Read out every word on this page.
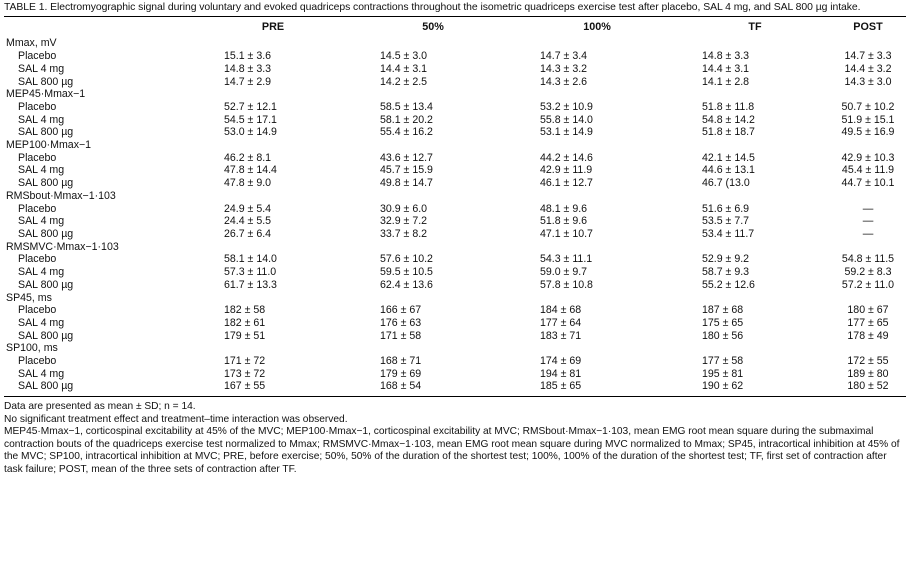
TABLE 1. Electromyographic signal during voluntary and evoked quadriceps contractions throughout the isometric quadriceps exercise test after placebo, SAL 4 mg, and SAL 800 µg intake.
	PRE	50%	100%	TF	POST
Mmax, mV					
Placebo	15.1 ± 3.6	14.5 ± 3.0	14.7 ± 3.4	14.8 ± 3.3	14.7 ± 3.3
SAL 4 mg	14.8 ± 3.3	14.4 ± 3.1	14.3 ± 3.2	14.4 ± 3.1	14.4 ± 3.2
SAL 800 µg	14.7 ± 2.9	14.2 ± 2.5	14.3 ± 2.6	14.1 ± 2.8	14.3 ± 3.0
MEP45·Mmax−1					
Placebo	52.7 ± 12.1	58.5 ± 13.4	53.2 ± 10.9	51.8 ± 11.8	50.7 ± 10.2
SAL 4 mg	54.5 ± 17.1	58.1 ± 20.2	55.8 ± 14.0	54.8 ± 14.2	51.9 ± 15.1
SAL 800 µg	53.0 ± 14.9	55.4 ± 16.2	53.1 ± 14.9	51.8 ± 18.7	49.5 ± 16.9
MEP100·Mmax−1					
Placebo	46.2 ± 8.1	43.6 ± 12.7	44.2 ± 14.6	42.1 ± 14.5	42.9 ± 10.3
SAL 4 mg	47.8 ± 14.4	45.7 ± 15.9	42.9 ± 11.9	44.6 ± 13.1	45.4 ± 11.9
SAL 800 µg	47.8 ± 9.0	49.8 ± 14.7	46.1 ± 12.7	46.7 (13.0	44.7 ± 10.1
RMSbout·Mmax−1·103					
Placebo	24.9 ± 5.4	30.9 ± 6.0	48.1 ± 9.6	51.6 ± 6.9	—
SAL 4 mg	24.4 ± 5.5	32.9 ± 7.2	51.8 ± 9.6	53.5 ± 7.7	—
SAL 800 µg	26.7 ± 6.4	33.7 ± 8.2	47.1 ± 10.7	53.4 ± 11.7	—
RMSMVC·Mmax−1·103					
Placebo	58.1 ± 14.0	57.6 ± 10.2	54.3 ± 11.1	52.9 ± 9.2	54.8 ± 11.5
SAL 4 mg	57.3 ± 11.0	59.5 ± 10.5	59.0 ± 9.7	58.7 ± 9.3	59.2 ± 8.3
SAL 800 µg	61.7 ± 13.3	62.4 ± 13.6	57.8 ± 10.8	55.2 ± 12.6	57.2 ± 11.0
SP45, ms					
Placebo	182 ± 58	166 ± 67	184 ± 68	187 ± 68	180 ± 67
SAL 4 mg	182 ± 61	176 ± 63	177 ± 64	175 ± 65	177 ± 65
SAL 800 µg	179 ± 51	171 ± 58	183 ± 71	180 ± 56	178 ± 49
SP100, ms					
Placebo	171 ± 72	168 ± 71	174 ± 69	177 ± 58	172 ± 55
SAL 4 mg	173 ± 72	179 ± 69	194 ± 81	195 ± 81	189 ± 80
SAL 800 µg	167 ± 55	168 ± 54	185 ± 65	190 ± 62	180 ± 52

Data are presented as mean ± SD; n = 14.

No significant treatment effect and treatment–time interaction was observed.

MEP45·Mmax−1, corticospinal excitability at 45% of the MVC; MEP100·Mmax−1, corticospinal excitability at MVC; RMSbout·Mmax−1·103, mean EMG root mean square during the submaximal contraction bouts of the quadriceps exercise test normalized to Mmax; RMSMVC·Mmax−1·103, mean EMG root mean square during MVC normalized to Mmax; SP45, intracortical inhibition at 45% of the MVC; SP100, intracortical inhibition at MVC; PRE, before exercise; 50%, 50% of the duration of the shortest test; 100%, 100% of the duration of the shortest test; TF, first set of contraction after task failure; POST, mean of the three sets of contraction after TF.
